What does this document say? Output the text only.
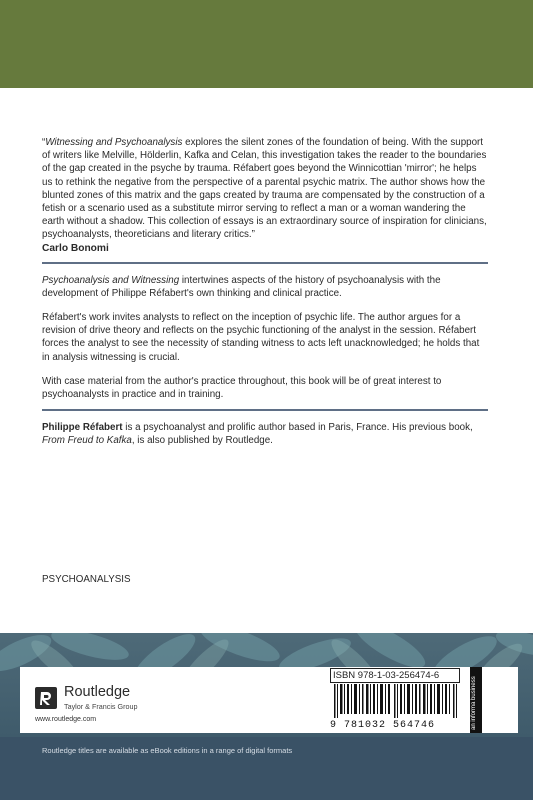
“Witnessing and Psychoanalysis explores the silent zones of the foundation of being. With the support of writers like Melville, Hölderlin, Kafka and Celan, this investigation takes the reader to the boundaries of the gap created in the psyche by trauma. Réfabert goes beyond the Winnicottian 'mirror'; he helps us to rethink the negative from the perspective of a parental psychic matrix. The author shows how the blunted zones of this matrix and the gaps created by trauma are compensated by the construction of a fetish or a scenario used as a substitute mirror serving to reflect a man or a woman wandering the earth without a shadow. This collection of essays is an extraordinary source of inspiration for clinicians, psychoanalysts, theoreticians and literary critics.”

Carlo Bonomi

Psychoanalysis and Witnessing intertwines aspects of the history of psychoanalysis with the development of Philippe Réfabert's own thinking and clinical practice.

Réfabert's work invites analysts to reflect on the inception of psychic life. The author argues for a revision of drive theory and reflects on the psychic functioning of the analyst in the session. Réfabert forces the analyst to see the necessity of standing witness to acts left unacknowledged; he holds that in analysis witnessing is crucial.

With case material from the author's practice throughout, this book will be of great interest to psychoanalysts in practice and in training.

Philippe Réfabert is a psychoanalyst and prolific author based in Paris, France. His previous book, From Freud to Kafka, is also published by Routledge.

PSYCHOANALYSIS
Routledge
Taylor & Francis Group
www.routledge.com
ISBN 978-1-03-256474-6
9 781032 564746	an informa business
Routledge titles are available as eBook editions in a range of digital formats
